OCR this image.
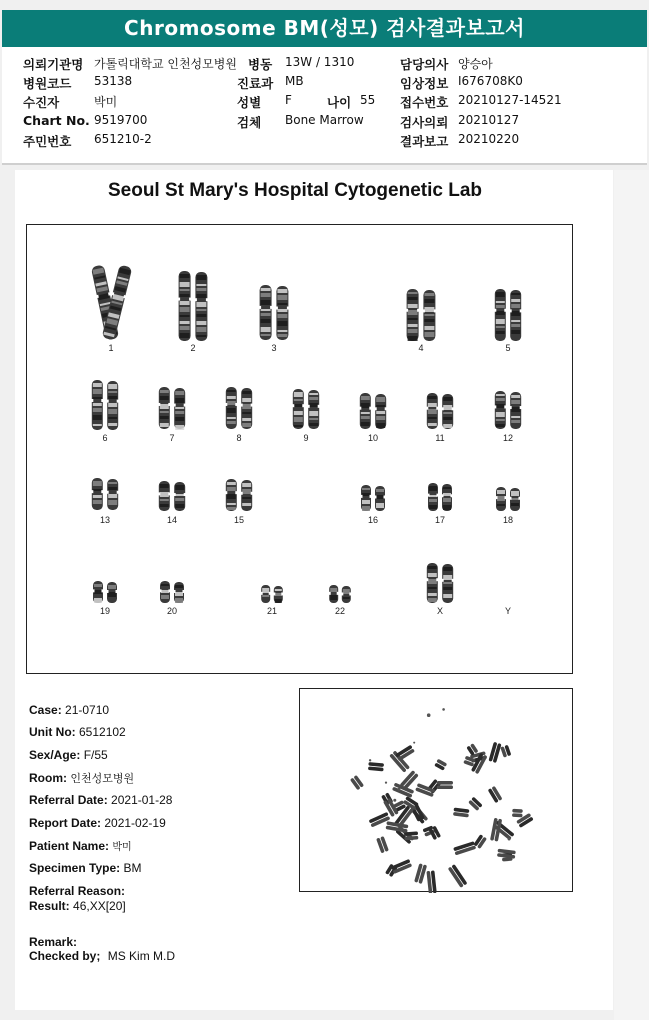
Chromosome BM(성모) 검사결과보고서
의뢰기관명 가톨릭대학교 인천성모병원 병동 13W / 1310	담당의사 양승아
병원코드 53138	진료과 MB	임상정보 I676708K0
수진자	박미	성별 F	나이 55 접수번호 20210127-14521
Chart No. 9519700	검체 Bone Marrow	검사의뢰 20210127
주민번호 651210-2	결과보고 20210220
Seoul St Mary's Hospital Cytogenetic Lab
1	2	3	4	5
6	7	8	9	10	11	12
13	14	15	16	17	18
19	20	21	22	X	Y
Case: 21-0710
Unit No: 6512102
Sex/Age: F/55
Room: 인천성모병원
Referral Date: 2021-01-28
Report Date: 2021-02-19
Patient Name: 박미
Specimen Type: BM
Referral Reason:
Result: 46,XX[20]
Remark:
Checked by; MS Kim M.D
